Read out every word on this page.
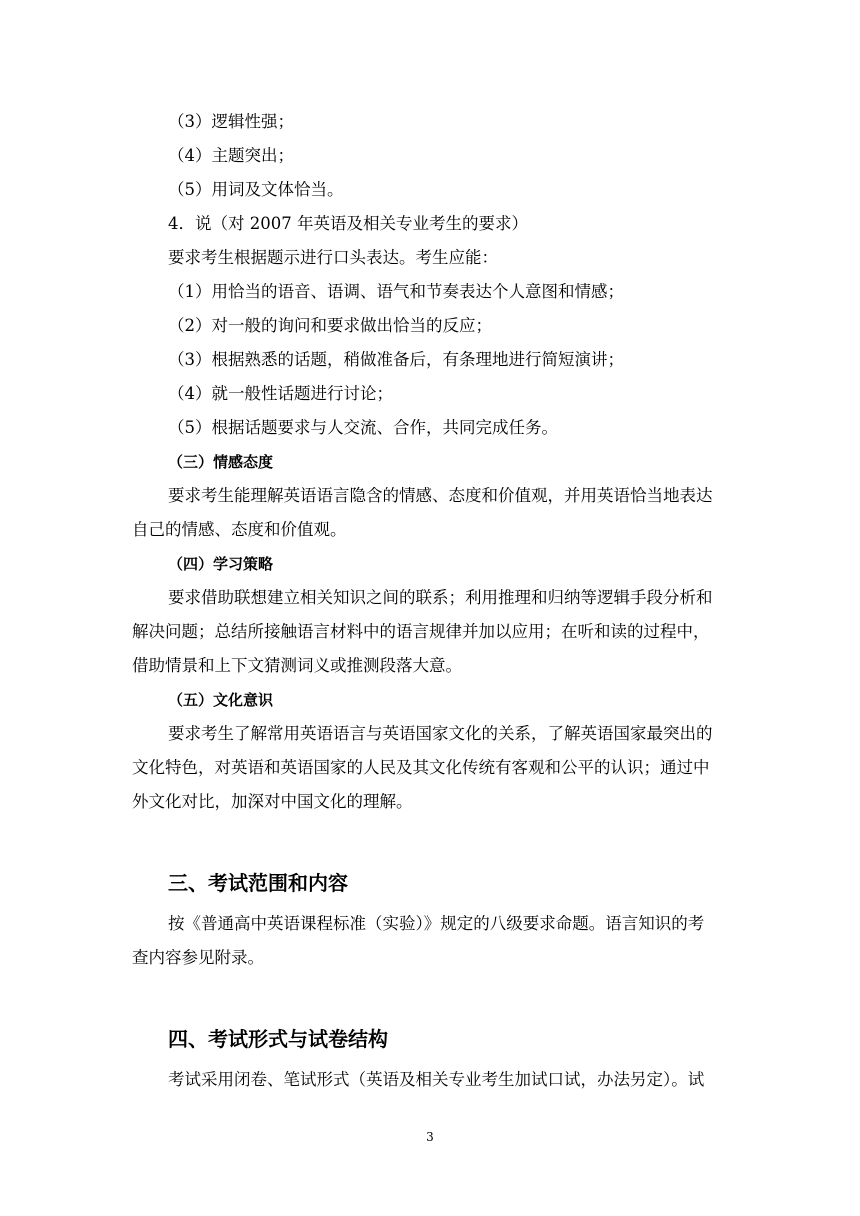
（3）逻辑性强；
（4）主题突出；
（5）用词及文体恰当。
4．说（对 2007 年英语及相关专业考生的要求）
要求考生根据题示进行口头表达。考生应能：
（1）用恰当的语音、语调、语气和节奏表达个人意图和情感；
（2）对一般的询问和要求做出恰当的反应；
（3）根据熟悉的话题，稍做准备后，有条理地进行简短演讲；
（4）就一般性话题进行讨论；
（5）根据话题要求与人交流、合作，共同完成任务。
（三）情感态度
要求考生能理解英语语言隐含的情感、态度和价值观，并用英语恰当地表达
自己的情感、态度和价值观。
（四）学习策略
要求借助联想建立相关知识之间的联系；利用推理和归纳等逻辑手段分析和
解决问题；总结所接触语言材料中的语言规律并加以应用；在听和读的过程中，
借助情景和上下文猜测词义或推测段落大意。
（五）文化意识
要求考生了解常用英语语言与英语国家文化的关系，了解英语国家最突出的
文化特色，对英语和英语国家的人民及其文化传统有客观和公平的认识；通过中
外文化对比，加深对中国文化的理解。
三、考试范围和内容
按《普通高中英语课程标准（实验）》规定的八级要求命题。语言知识的考
查内容参见附录。
四、考试形式与试卷结构
考试采用闭卷、笔试形式（英语及相关专业考生加试口试，办法另定）。试
3
